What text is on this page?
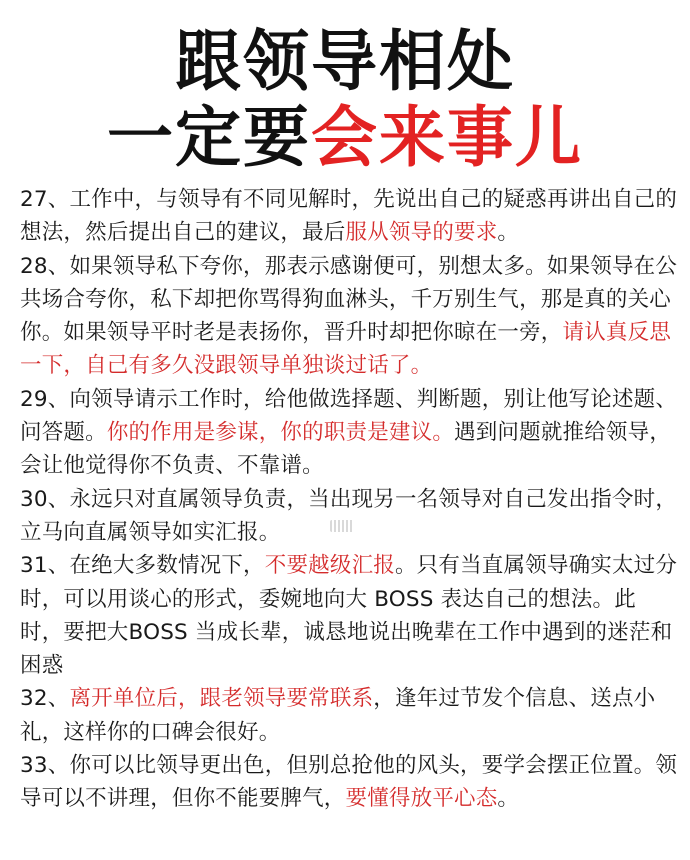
跟领导相处
一定要会来事儿

27、工作中，与领导有不同见解时，先说出自己的疑惑再讲出自己的想法，然后提出自己的建议，最后服从领导的要求。

28、如果领导私下夸你，那表示感谢便可，别想太多。如果领导在公共场合夸你，私下却把你骂得狗血淋头，千万别生气，那是真的关心你。如果领导平时老是表扬你，晋升时却把你晾在一旁，请认真反思一下，自己有多久没跟领导单独谈过话了。

29、向领导请示工作时，给他做选择题、判断题，别让他写论述题、问答题。你的作用是参谋，你的职责是建议。遇到问题就推给领导，会让他觉得你不负责、不靠谱。

30、永远只对直属领导负责，当出现另一名领导对自己发出指令时，立马向直属领导如实汇报。

31、在绝大多数情况下，不要越级汇报。只有当直属领导确实太过分时，可以用谈心的形式，委婉地向大 BOSS 表达自己的想法。此时，要把大BOSS 当成长辈，诚恳地说出晚辈在工作中遇到的迷茫和困惑

32、离开单位后，跟老领导要常联系，逢年过节发个信息、送点小礼，这样你的口碑会很好。

33、你可以比领导更出色，但别总抢他的风头，要学会摆正位置。领导可以不讲理，但你不能要脾气，要懂得放平心态。
